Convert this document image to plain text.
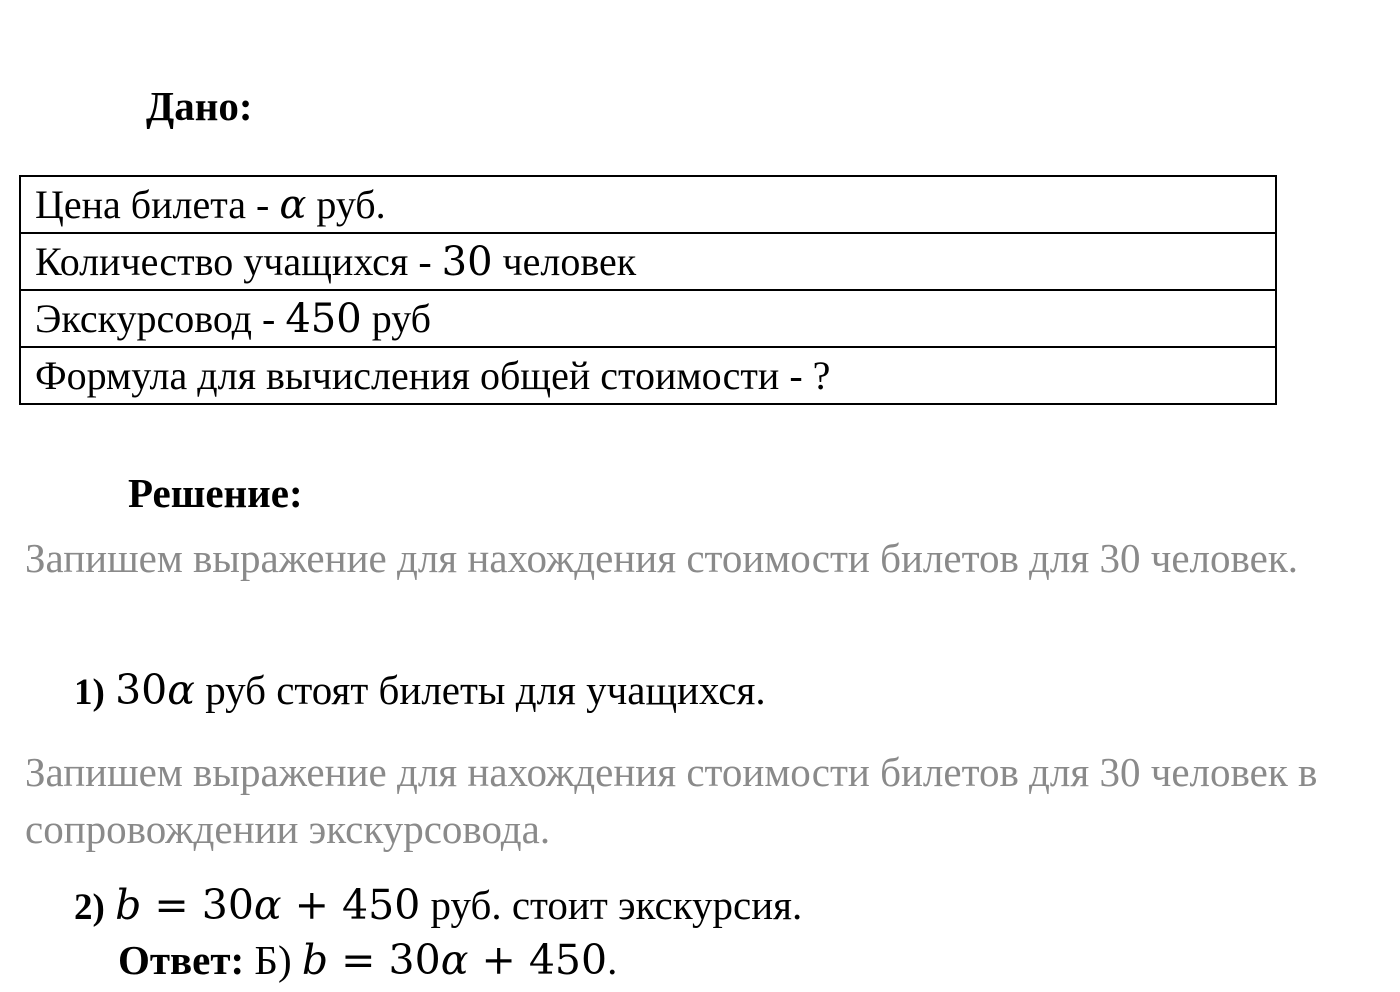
Дано:
Цена билета - α руб.
Количество учащихся - 30 человек
Экскурсовод - 450 руб
Формула для вычисления общей стоимости - ?
Решение:

Запишем выражение для нахождения стоимости билетов для 30 человек.

1) 30α руб стоят билеты для учащихся.

Запишем выражение для нахождения стоимости билетов для 30 человек в сопровождении экскурсовода.

2) b = 30α + 450 руб. стоит экскурсия.
Ответ: Б) b = 30α + 450.
